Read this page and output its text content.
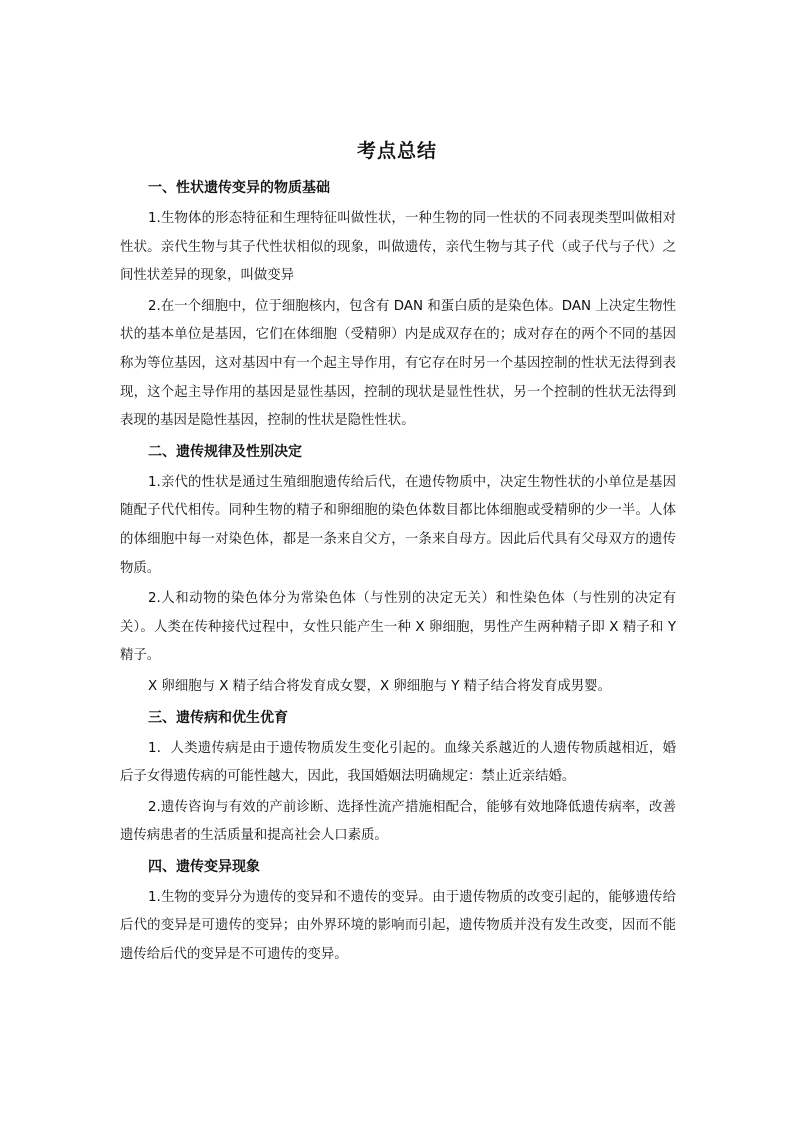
考点总结
一、性状遗传变异的物质基础

1.生物体的形态特征和生理特征叫做性状，一种生物的同一性状的不同表现类型叫做相对性状。亲代生物与其子代性状相似的现象，叫做遗传，亲代生物与其子代（或子代与子代）之间性状差异的现象，叫做变异

2.在一个细胞中，位于细胞核内，包含有 DAN 和蛋白质的是染色体。DAN 上决定生物性状的基本单位是基因，它们在体细胞（受精卵）内是成双存在的；成对存在的两个不同的基因称为等位基因，这对基因中有一个起主导作用，有它存在时另一个基因控制的性状无法得到表现，这个起主导作用的基因是显性基因，控制的现状是显性性状，另一个控制的性状无法得到表现的基因是隐性基因，控制的性状是隐性性状。

二、遗传规律及性别决定

1.亲代的性状是通过生殖细胞遗传给后代，在遗传物质中，决定生物性状的小单位是基因随配子代代相传。同种生物的精子和卵细胞的染色体数目都比体细胞或受精卵的少一半。人体的体细胞中每一对染色体，都是一条来自父方，一条来自母方。因此后代具有父母双方的遗传物质。

2.人和动物的染色体分为常染色体（与性别的决定无关）和性染色体（与性别的决定有关）。人类在传种接代过程中，女性只能产生一种 X 卵细胞，男性产生两种精子即 X 精子和 Y 精子。

X 卵细胞与 X 精子结合将发育成女婴，X 卵细胞与 Y 精子结合将发育成男婴。

三、遗传病和优生优育

1．人类遗传病是由于遗传物质发生变化引起的。血缘关系越近的人遗传物质越相近，婚后子女得遗传病的可能性越大，因此，我国婚姻法明确规定：禁止近亲结婚。

2.遗传咨询与有效的产前诊断、选择性流产措施相配合，能够有效地降低遗传病率，改善遗传病患者的生活质量和提高社会人口素质。

四、遗传变异现象

1.生物的变异分为遗传的变异和不遗传的变异。由于遗传物质的改变引起的，能够遗传给后代的变异是可遗传的变异；由外界环境的影响而引起，遗传物质并没有发生改变，因而不能遗传给后代的变异是不可遗传的变异。
